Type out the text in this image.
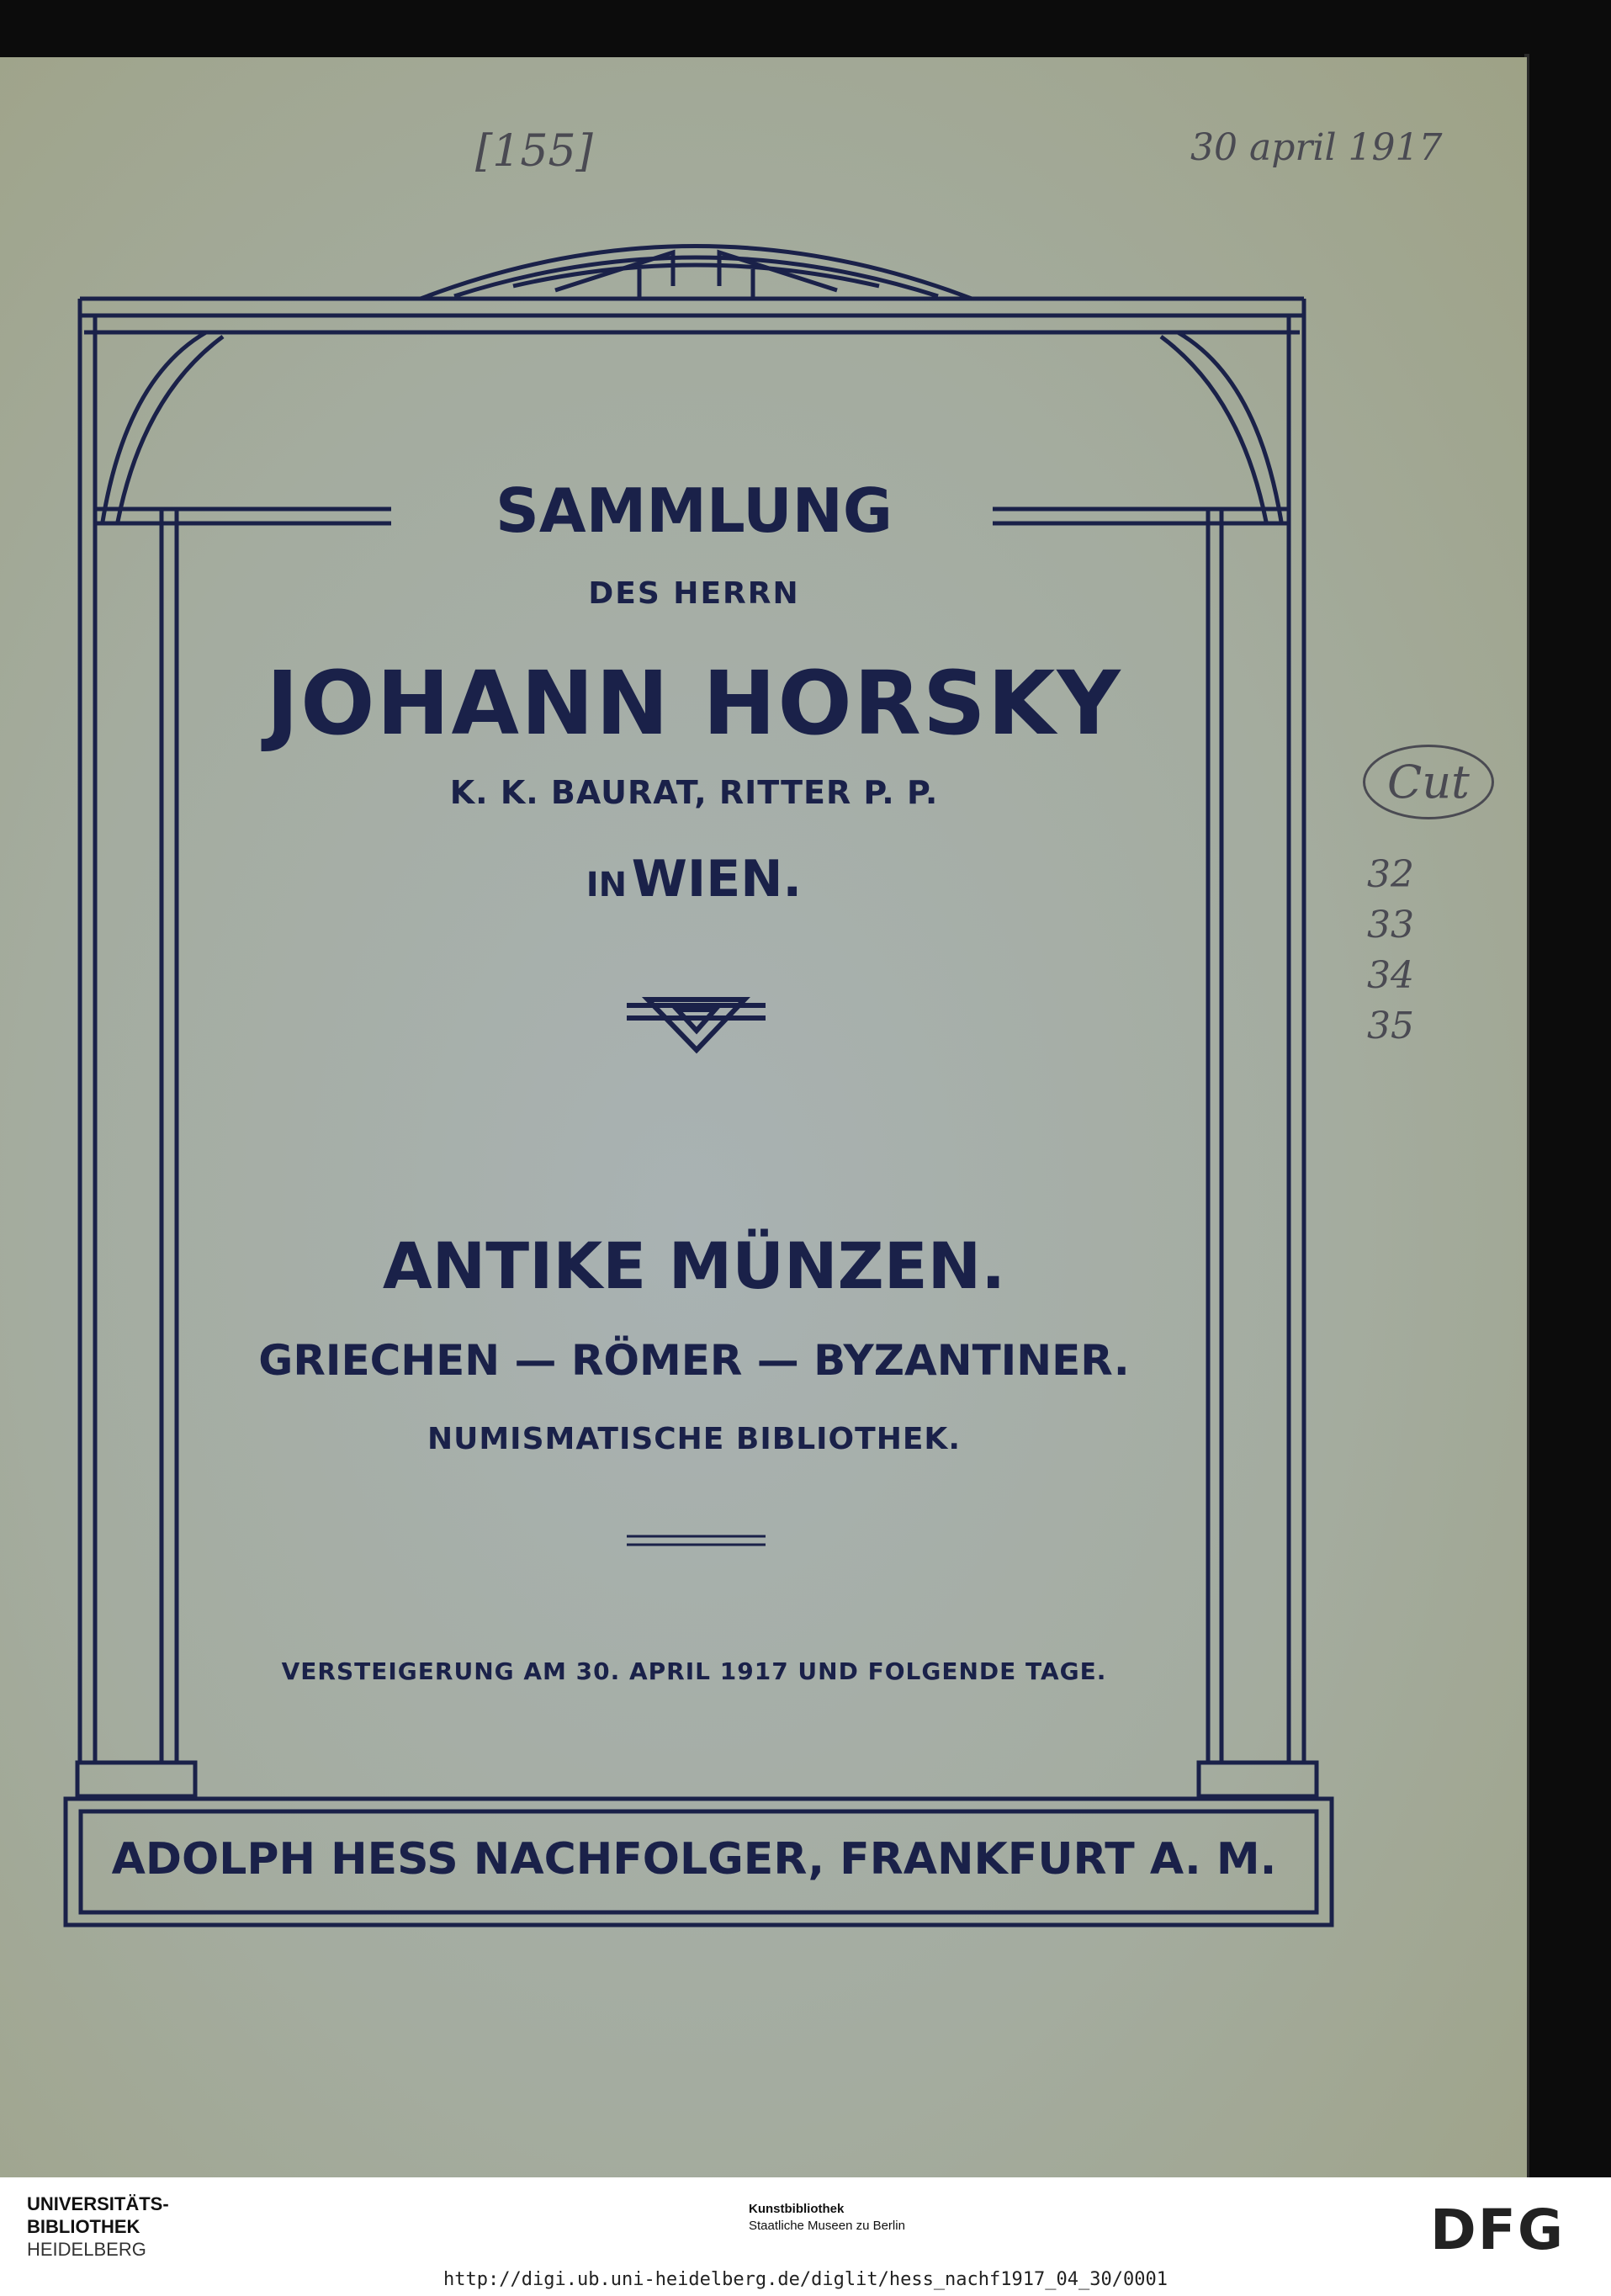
[155]	30 april 1917
Cut
32
33
34
35
SAMMLUNG
DES HERRN
JOHANN HORSKY
K. K. BAURAT, RITTER P. P.
IN WIEN.
ANTIKE MÜNZEN.
GRIECHEN — RÖMER — BYZANTINER.
NUMISMATISCHE BIBLIOTHEK.
VERSTEIGERUNG AM 30. APRIL 1917 UND FOLGENDE TAGE.
ADOLPH HESS NACHFOLGER, FRANKFURT A. M.
UNIVERSITÄTS-
BIBLIOTHEK
HEIDELBERG
Kunstbibliothek
Staatliche Museen zu Berlin	DFG
http://digi.ub.uni-heidelberg.de/diglit/hess_nachf1917_04_30/0001
